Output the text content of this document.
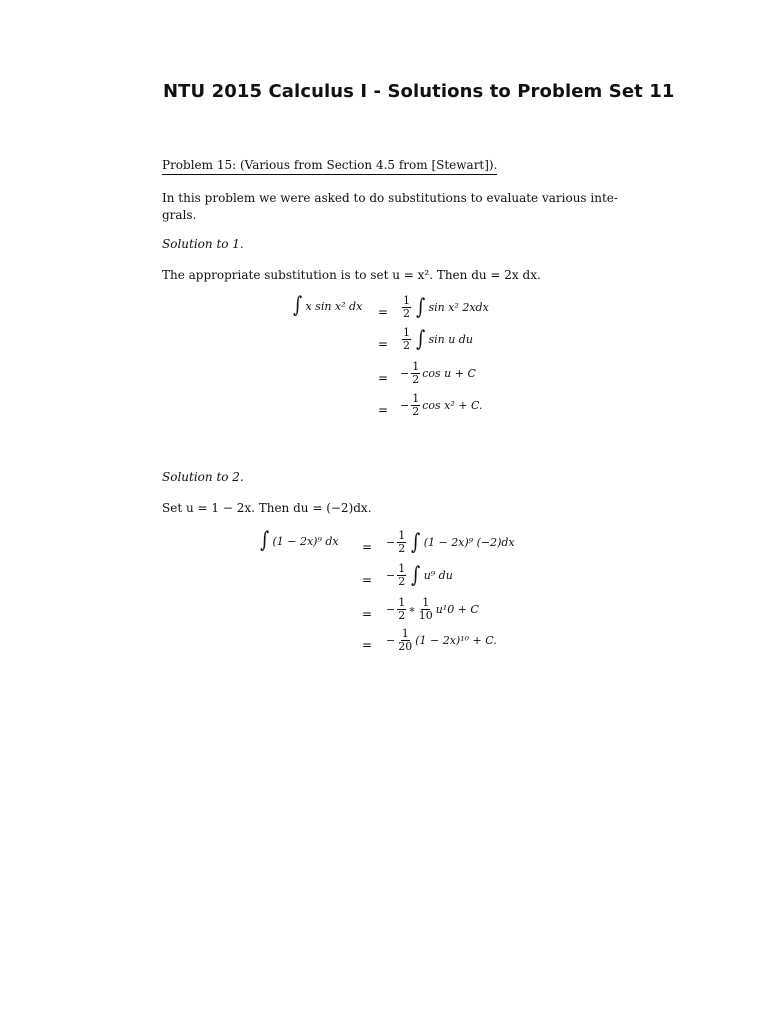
NTU 2015 Calculus I - Solutions to Problem Set 11
Problem 15: (Various from Section 4.5 from [Stewart]).
In this problem we were asked to do substitutions to evaluate various inte-grals.
Solution to 1.
The appropriate substitution is to set u = x². Then du = 2x dx.
∫ x sin x² dx = $\frac{1}{2}$ ∫ sin x² 2xdx
= $\frac{1}{2}$ ∫ sin u du
= − $\frac{1}{2}$ cos u + C
= − $\frac{1}{2}$ cos x² + C.
Solution to 2.
Set u = 1 − 2x. Then du = (−2)dx.
∫ (1 − 2x)⁹ dx = − $\frac{1}{2}$ ∫ (1 − 2x)⁹ (−2)dx
= − $\frac{1}{2}$ ∫ u⁹ du
= − $\frac{1}{2}$ ∗ $\frac{1}{10} u^10 + C$
= − $\frac{1}{20} (1 - 2x)^{10} + C$.
